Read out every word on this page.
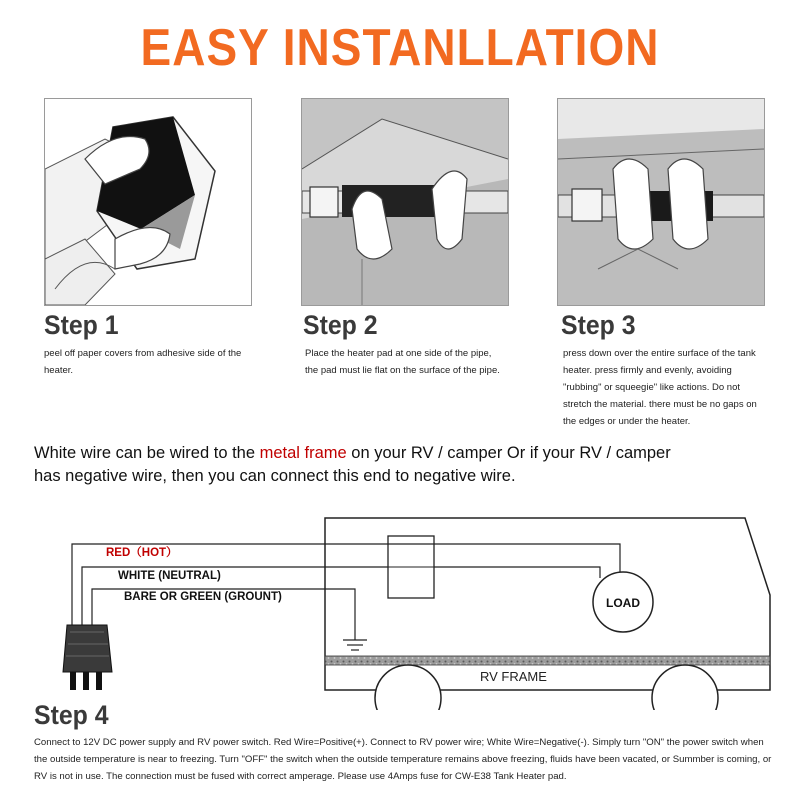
EASY INSTANLLATION
Step 1	Step 2	Step 3
peel off paper covers from adhesive side of the
heater.
Place the heater pad at one side of the pipe,
the pad must lie flat on the surface of the pipe.
press down over the entire surface of the tank
heater. press firmly and evenly, avoiding
"rubbing" or squeegie" like actions. Do not
stretch the material. there must be no gaps on
the edges or under the heater.
White wire can be wired to the metal frame on your RV / camper Or if your RV / camper
has negative wire, then you can connect this end to negative wire.
RV FRAME
LOAD
RED（HOT）
WHITE (NEUTRAL)
BARE OR GREEN (GROUNT)
Step 4
Connect to 12V DC power supply and RV power switch. Red Wire=Positive(+). Connect to RV power wire; White Wire=Negative(-). Simply turn "ON" the power switch when
the outside temperature is near to freezing. Turn "OFF" the switch when the outside temperature remains above freezing, fluids have been vacated, or Summber is coming, or
RV is not in use. The connection must be fused with correct amperage. Please use 4Amps fuse for CW-E38 Tank Heater pad.
